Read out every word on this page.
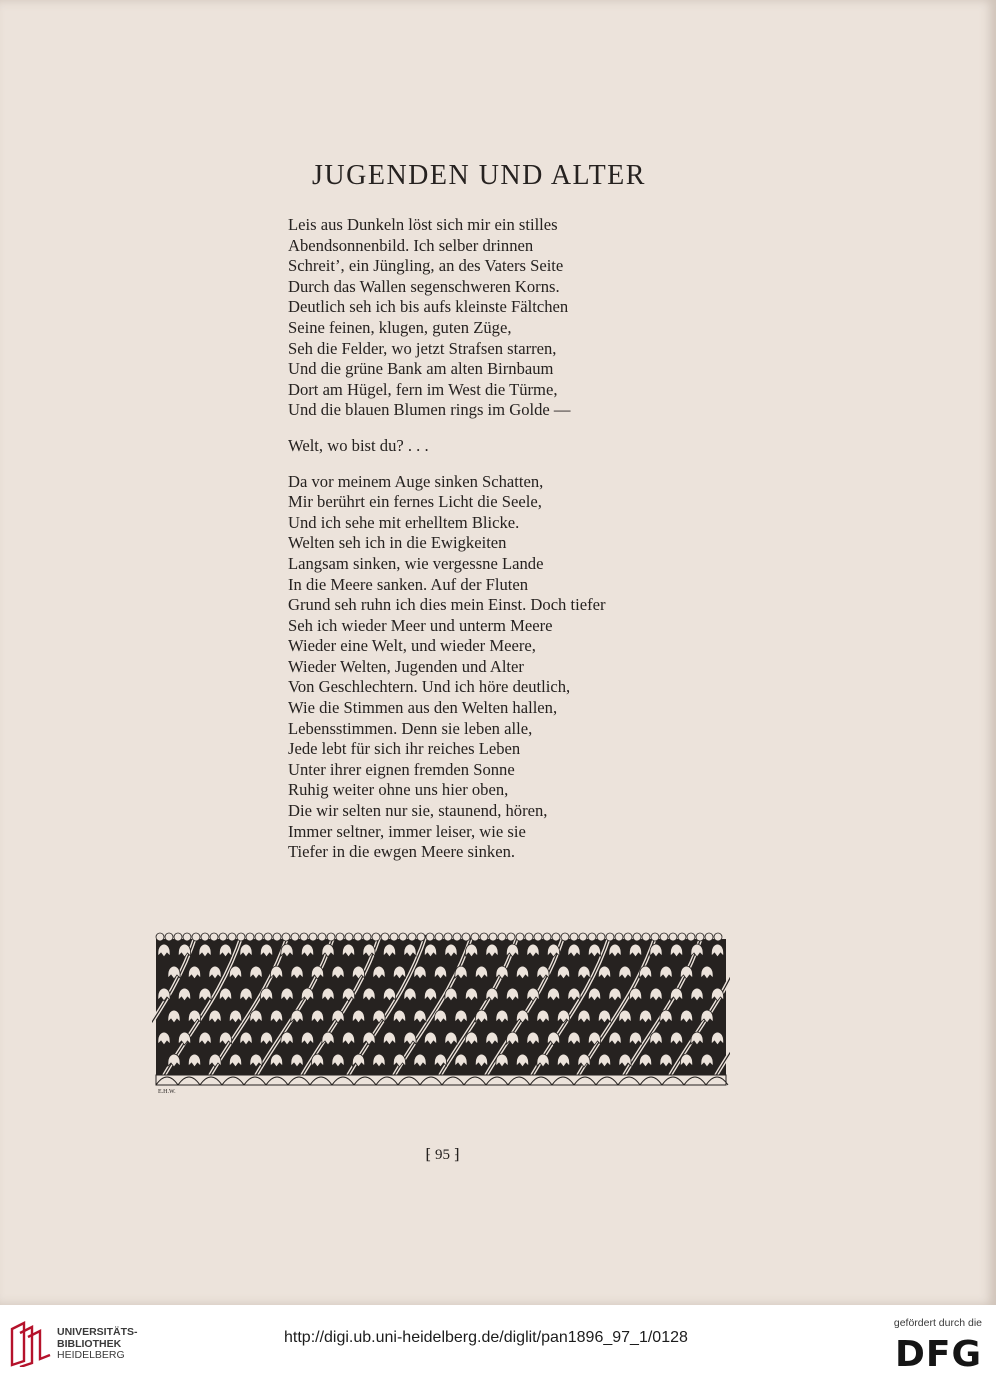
JUGENDEN UND ALTER
Leis aus Dunkeln löst sich mir ein stilles
Abendsonnenbild. Ich selber drinnen
Schreit’, ein Jüngling, an des Vaters Seite
Durch das Wallen segenschweren Korns.
Deutlich seh ich bis aufs kleinste Fältchen
Seine feinen, klugen, guten Züge,
Seh die Felder, wo jetzt Strafsen starren,
Und die grüne Bank am alten Birnbaum
Dort am Hügel, fern im West die Türme,
Und die blauen Blumen rings im Golde —
Welt, wo bist du? . . .
Da vor meinem Auge sinken Schatten,
Mir berührt ein fernes Licht die Seele,
Und ich sehe mit erhelltem Blicke.
Welten seh ich in die Ewigkeiten
Langsam sinken, wie vergessne Lande
In die Meere sanken. Auf der Fluten
Grund seh ruhn ich dies mein Einst. Doch tiefer
Seh ich wieder Meer und unterm Meere
Wieder eine Welt, und wieder Meere,
Wieder Welten, Jugenden und Alter
Von Geschlechtern. Und ich höre deutlich,
Wie die Stimmen aus den Welten hallen,
Lebensstimmen. Denn sie leben alle,
Jede lebt für sich ihr reiches Leben
Unter ihrer eignen fremden Sonne
Ruhig weiter ohne uns hier oben,
Die wir selten nur sie, staunend, hören,
Immer seltner, immer leiser, wie sie
Tiefer in die ewgen Meere sinken.
E.H.W.
⁅ 95 ⁆
UNIVERSITÄTS-
BIBLIOTHEK
HEIDELBERG
http://digi.ub.uni-heidelberg.de/diglit/pan1896_97_1/0128
gefördert durch die
DFG
